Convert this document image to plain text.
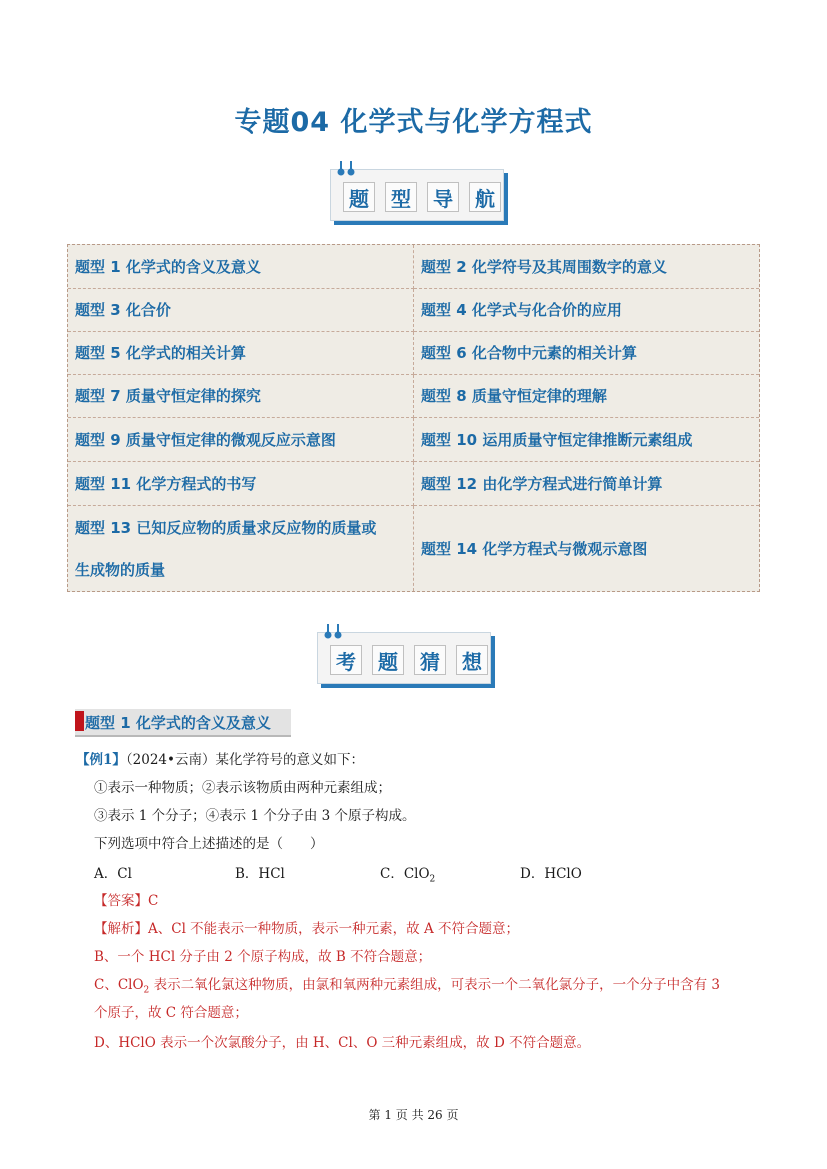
专题04 化学式与化学方程式
题	型	导	航
题型 1 化学式的含义及意义	题型 2 化学符号及其周围数字的意义
题型 3 化合价	题型 4 化学式与化合价的应用
题型 5 化学式的相关计算	题型 6 化合物中元素的相关计算
题型 7 质量守恒定律的探究	题型 8 质量守恒定律的理解
题型 9 质量守恒定律的微观反应示意图	题型 10 运用质量守恒定律推断元素组成
题型 11 化学方程式的书写	题型 12 由化学方程式进行简单计算
题型 13 已知反应物的质量求反应物的质量或
生成物的质量
题型 14 化学方程式与微观示意图
考	题	猜	想
题型 1 化学式的含义及意义
【例1】（2024•云南）某化学符号的意义如下：
①表示一种物质；②表示该物质由两种元素组成；
③表示 1 个分子；④表示 1 个分子由 3 个原子构成。
下列选项中符合上述描述的是（　　）
A．Cl	B．HCl	C．ClO$_2$	D．HClO
【答案】C
【解析】A、Cl 不能表示一种物质，表示一种元素，故 A 不符合题意；
B、一个 HCl 分子由 2 个原子构成，故 B 不符合题意；
C、ClO$_2$ 表示二氧化氯这种物质，由氯和氧两种元素组成，可表示一个二氧化氯分子，一个分子中含有 3
个原子，故 C 符合题意；
D、HClO 表示一个次氯酸分子，由 H、Cl、O 三种元素组成，故 D 不符合题意。
第 1 页 共 26 页
